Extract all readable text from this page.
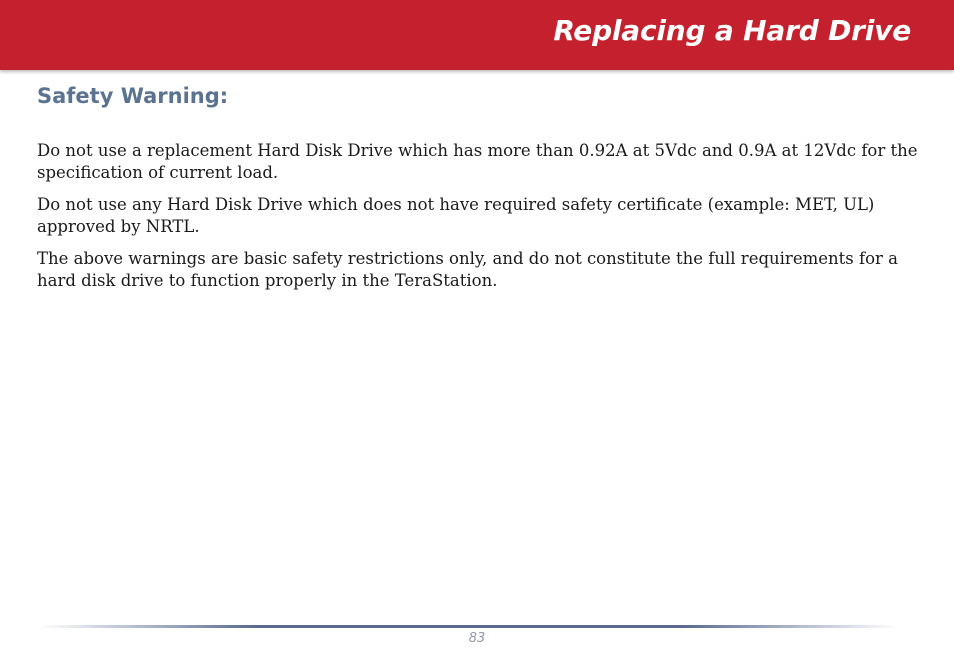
Replacing a Hard Drive
Safety Warning:

Do not use a replacement Hard Disk Drive which has more than 0.92A at 5Vdc and 0.9A at 12Vdc for the specification of current load.

Do not use any Hard Disk Drive which does not have required safety certificate (example: MET, UL) approved by NRTL.

The above warnings are basic safety restrictions only, and do not constitute the full requirements for a hard disk drive to function properly in the TeraStation.

83
